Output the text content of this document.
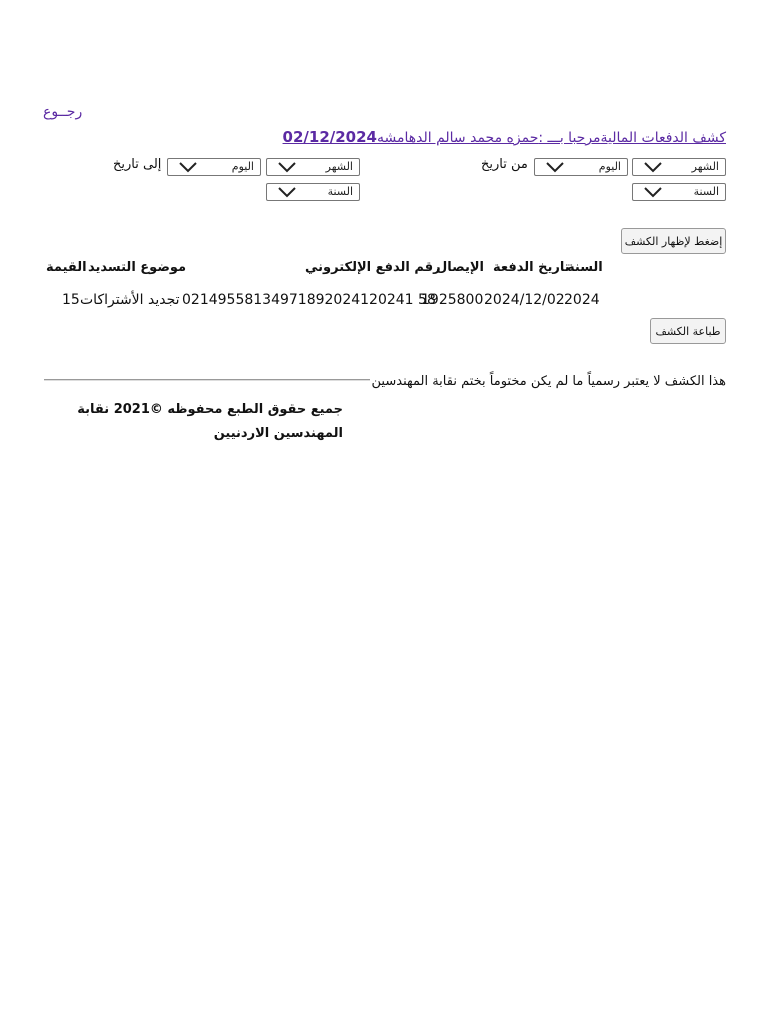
رجــوع
كشف الدفعات الماليةمرحبا بـــ :حمزه محمد سالم الدهامشه02/12/2024
الشهر
اليوم
من تاريخ
السنة
الشهر
اليوم
إلى تاريخ
السنة
إضغط لإظهار الكشف
السنة
تاريخ الدفعة
الإيصال
رقم الدفع الإلكتروني
موضوع التسديد
القيمة
2024
2024/12/02
1925800
02149558134971892024120241 58
تجديد الأشتراكات
15
طباعة الكشف
هذا الكشف لا يعتبر رسمياً ما لم يكن مختوماً بختم نقابة المهندسين
جميع حقوق الطبع محفوظه ©2021 نقابة المهندسين الاردنيين
